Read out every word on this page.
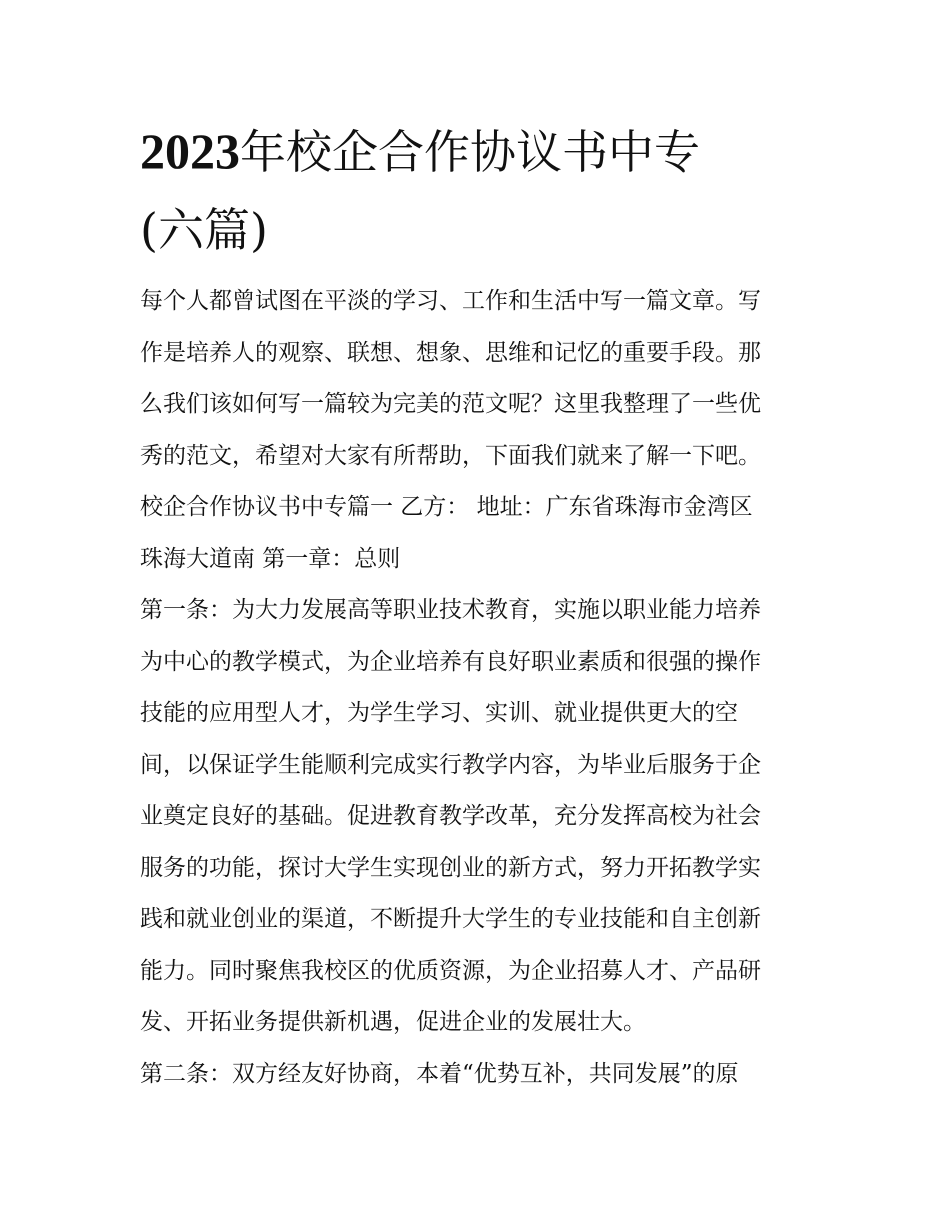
2023年校企合作协议书中专
(六篇)
每个人都曾试图在平淡的学习、工作和生活中写一篇文章。写
作是培养人的观察、联想、想象、思维和记忆的重要手段。那
么我们该如何写一篇较为完美的范文呢？这里我整理了一些优
秀的范文，希望对大家有所帮助，下面我们就来了解一下吧。
校企合作协议书中专篇一 乙方： 地址：广东省珠海市金湾区
珠海大道南 第一章：总则
第一条：为大力发展高等职业技术教育，实施以职业能力培养
为中心的教学模式，为企业培养有良好职业素质和很强的操作
技能的应用型人才，为学生学习、实训、就业提供更大的空
间，以保证学生能顺利完成实行教学内容，为毕业后服务于企
业奠定良好的基础。促进教育教学改革，充分发挥高校为社会
服务的功能，探讨大学生实现创业的新方式，努力开拓教学实
践和就业创业的渠道，不断提升大学生的专业技能和自主创新
能力。同时聚焦我校区的优质资源，为企业招募人才、产品研
发、开拓业务提供新机遇，促进企业的发展壮大。
第二条：双方经友好协商，本着“优势互补，共同发展”的原
